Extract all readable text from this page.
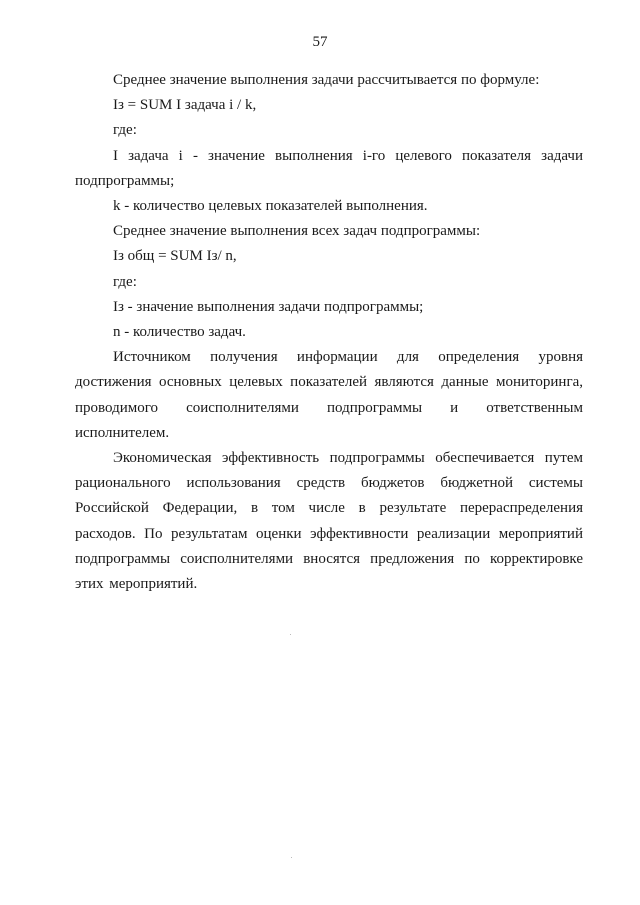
57

Среднее значение выполнения задачи рассчитывается по формуле:

Iз = SUM I задача i / k,

где:

I задача i - значение выполнения i-го целевого показателя задачи подпрограммы;

k - количество целевых показателей выполнения.

Среднее значение выполнения всех задач подпрограммы:

Iз общ = SUM Iз/ n,

где:

Iз - значение выполнения задачи подпрограммы;

n - количество задач.

Источником получения информации для определения уровня достижения основных целевых показателей являются данные мониторинга, проводимого соисполнителями подпрограммы и ответственным исполнителем.

Экономическая эффективность подпрограммы обеспечивается путем рационального использования средств бюджетов бюджетной системы Российской Федерации, в том числе в результате перераспределения расходов. По результатам оценки эффективности реализации мероприятий подпрограммы соисполнителями вносятся предложения по корректировке этих мероприятий.
